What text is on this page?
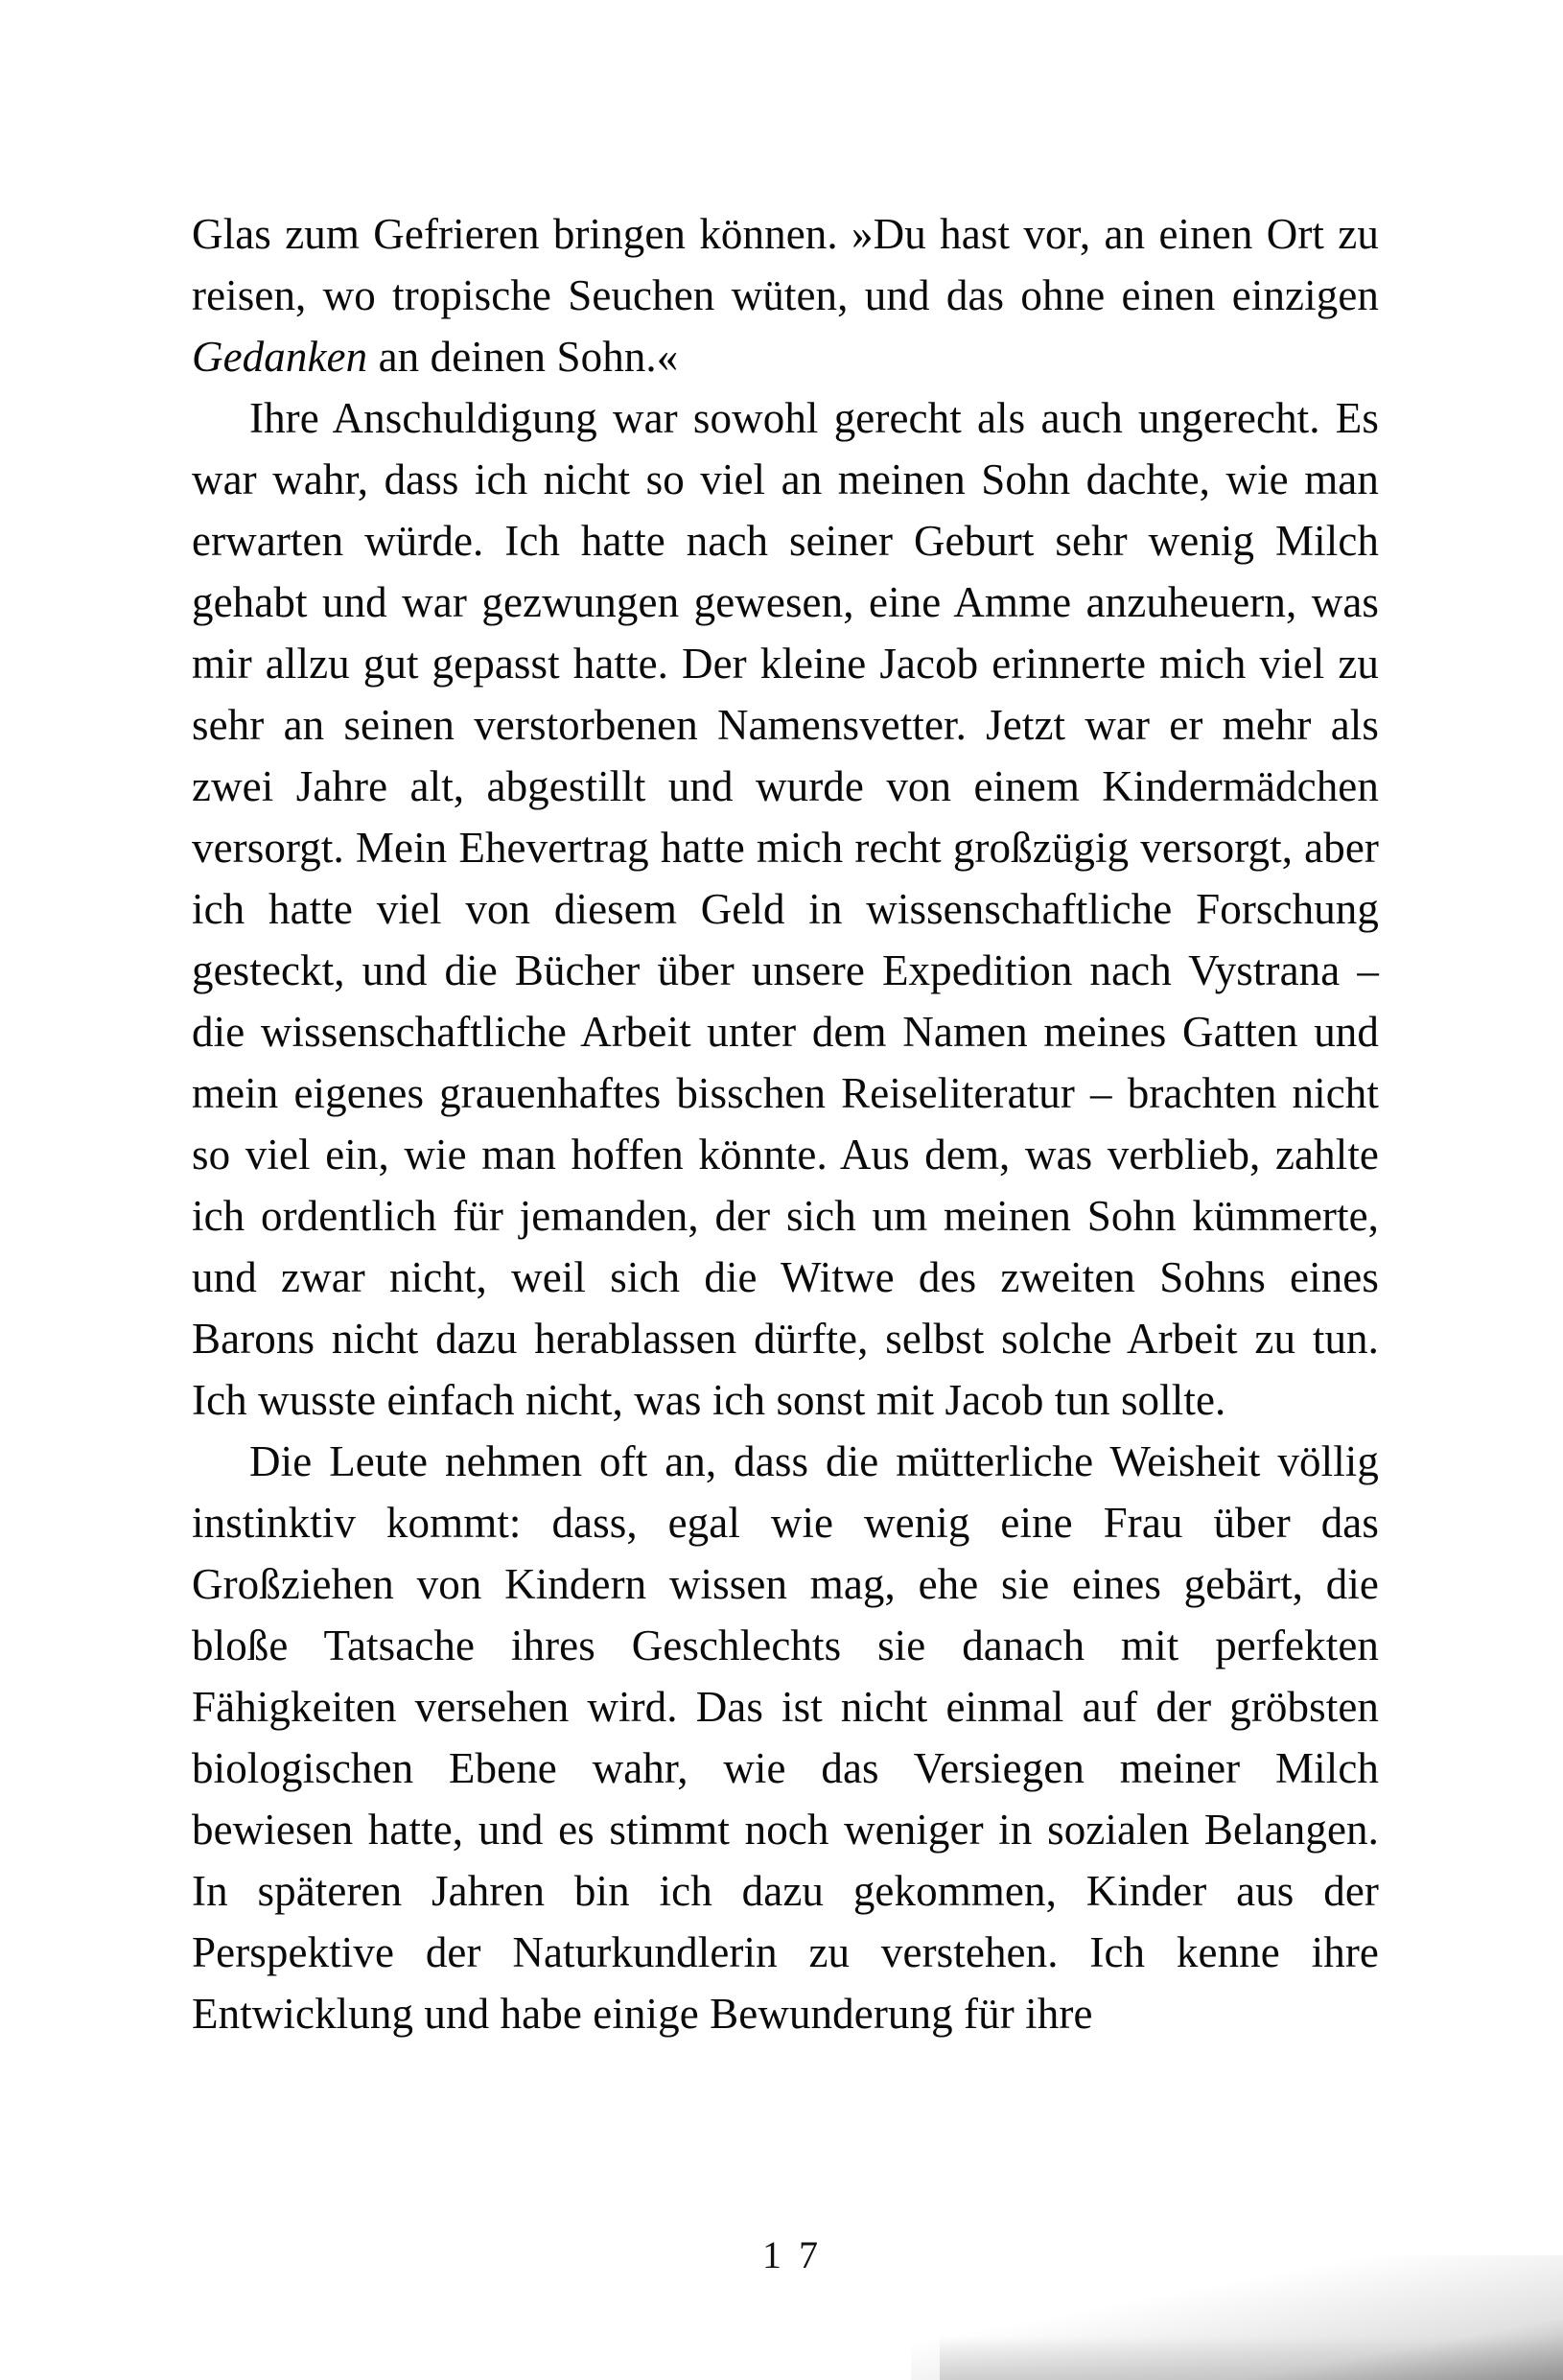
Glas zum Gefrieren bringen können. »Du hast vor, an einen Ort zu reisen, wo tropische Seuchen wüten, und das ohne einen einzigen Gedanken an deinen Sohn.«

Ihre Anschuldigung war sowohl gerecht als auch ungerecht. Es war wahr, dass ich nicht so viel an meinen Sohn dachte, wie man erwarten würde. Ich hatte nach seiner Geburt sehr wenig Milch gehabt und war gezwungen gewesen, eine Amme anzuheuern, was mir allzu gut gepasst hatte. Der kleine Jacob erinnerte mich viel zu sehr an seinen verstorbenen Namensvetter. Jetzt war er mehr als zwei Jahre alt, abgestillt und wurde von einem Kindermädchen versorgt. Mein Ehevertrag hatte mich recht großzügig versorgt, aber ich hatte viel von diesem Geld in wissenschaftliche Forschung gesteckt, und die Bücher über unsere Expedition nach Vystrana – die wissenschaftliche Arbeit unter dem Namen meines Gatten und mein eigenes grauenhaftes bisschen Reiseliteratur – brachten nicht so viel ein, wie man hoffen könnte. Aus dem, was verblieb, zahlte ich ordentlich für jemanden, der sich um meinen Sohn kümmerte, und zwar nicht, weil sich die Witwe des zweiten Sohns eines Barons nicht dazu herablassen dürfte, selbst solche Arbeit zu tun. Ich wusste einfach nicht, was ich sonst mit Jacob tun sollte.

Die Leute nehmen oft an, dass die mütterliche Weisheit völlig instinktiv kommt: dass, egal wie wenig eine Frau über das Großziehen von Kindern wissen mag, ehe sie eines gebärt, die bloße Tatsache ihres Geschlechts sie danach mit perfekten Fähigkeiten versehen wird. Das ist nicht einmal auf der gröbsten biologischen Ebene wahr, wie das Versiegen meiner Milch bewiesen hatte, und es stimmt noch weniger in sozialen Belangen. In späteren Jahren bin ich dazu gekommen, Kinder aus der Perspektive der Naturkundlerin zu verstehen. Ich kenne ihre Entwicklung und habe einige Bewunderung für ihre

17
